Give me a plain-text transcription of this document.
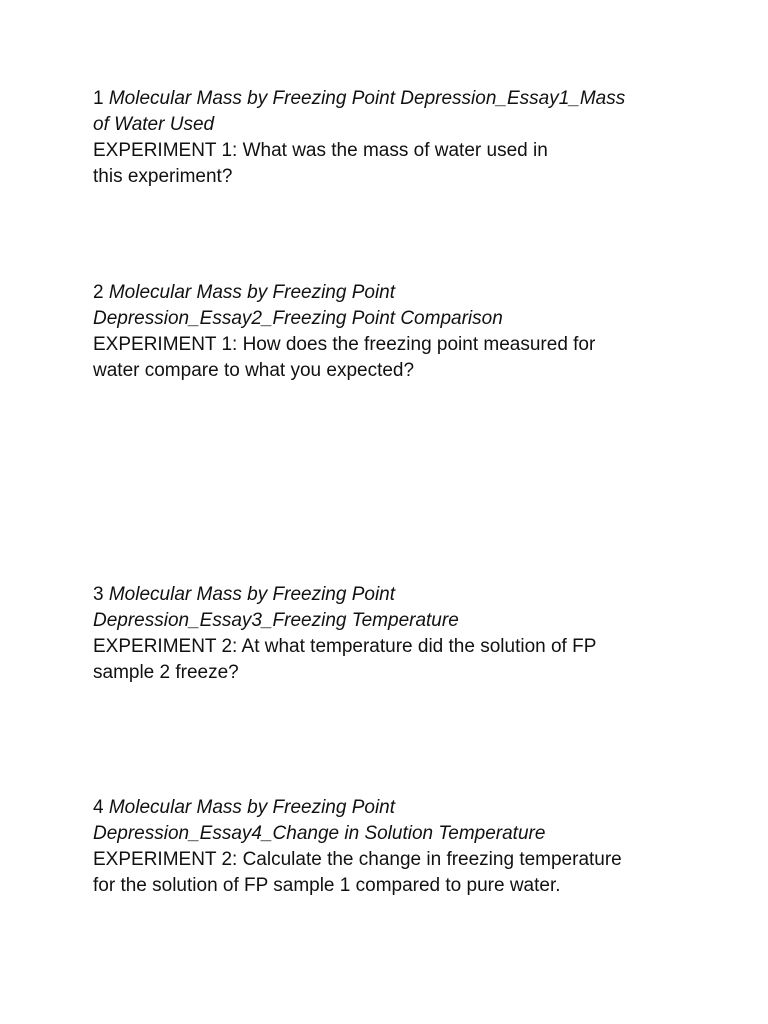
1 Molecular Mass by Freezing Point Depression_Essay1_Mass
of Water Used
EXPERIMENT 1: What was the mass of water used in
this experiment?
2 Molecular Mass by Freezing Point
Depression_Essay2_Freezing Point Comparison
EXPERIMENT 1: How does the freezing point measured for
water compare to what you expected?
3 Molecular Mass by Freezing Point
Depression_Essay3_Freezing Temperature
EXPERIMENT 2: At what temperature did the solution of FP
sample 2 freeze?
4 Molecular Mass by Freezing Point
Depression_Essay4_Change in Solution Temperature
EXPERIMENT 2: Calculate the change in freezing temperature
for the solution of FP sample 1 compared to pure water.
